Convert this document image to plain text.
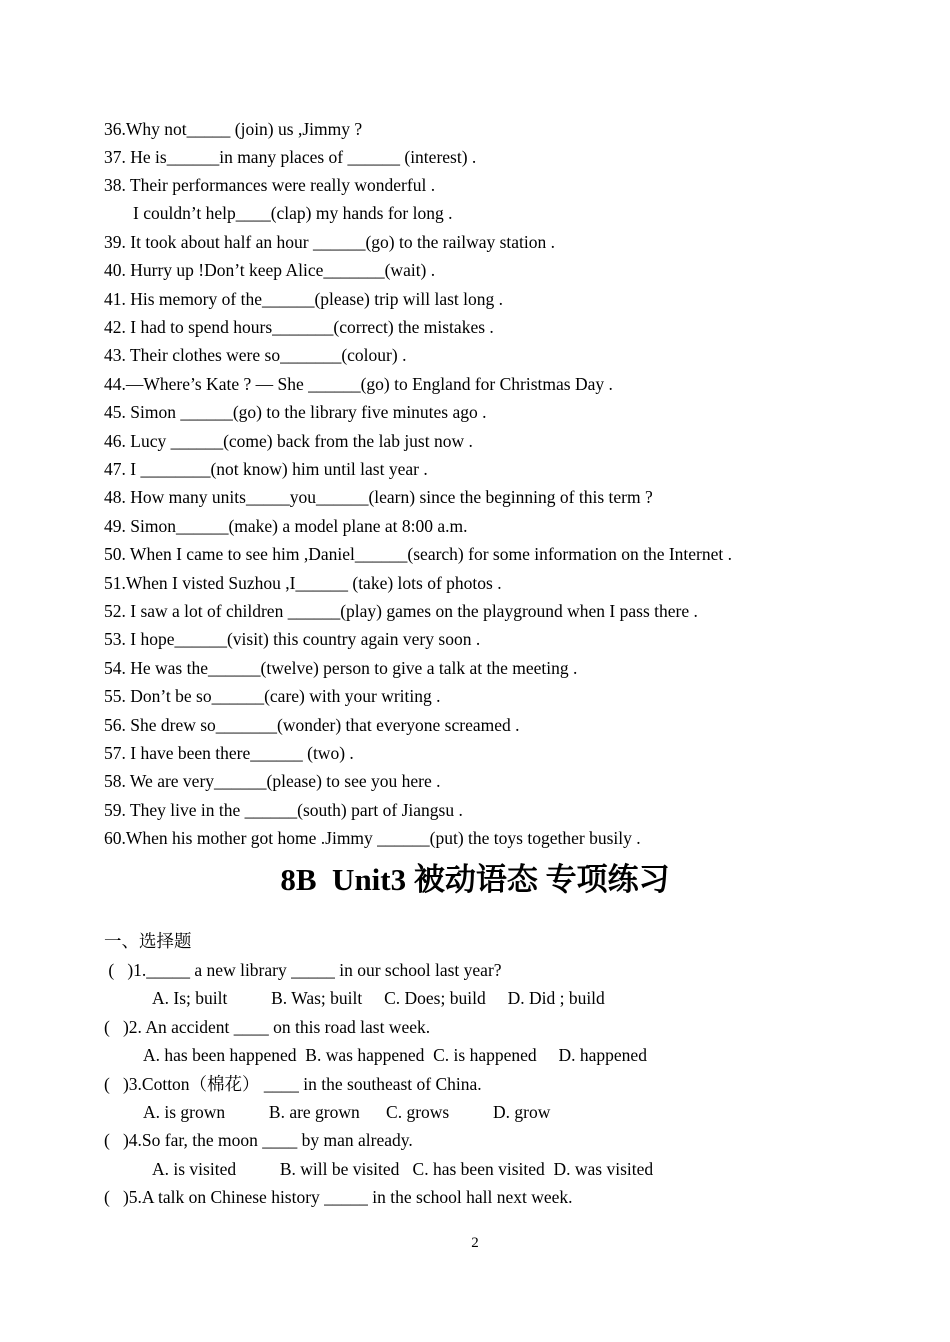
36.Why not_____ (join) us ,Jimmy ?
37. He is______in many places of ______ (interest) .
38. Their performances were really wonderful .
I couldn’t help____(clap) my hands for long .
39. It took about half an hour ______(go) to the railway station .
40. Hurry up !Don’t keep Alice_______(wait) .
41. His memory of the______(please) trip will last long .
42. I had to spend hours_______(correct) the mistakes .
43. Their clothes were so_______(colour) .
44.—Where’s Kate ? — She ______(go) to England for Christmas Day .
45. Simon ______(go) to the library five minutes ago .
46. Lucy ______(come) back from the lab just now .
47. I ________(not know) him until last year .
48. How many units_____you______(learn) since the beginning of this term ?
49. Simon______(make) a model plane at 8:00 a.m.
50. When I came to see him ,Daniel______(search) for some information on the Internet .
51.When I visted Suzhou ,I______ (take) lots of photos .
52. I saw a lot of children ______(play) games on the playground when I pass there .
53. I hope______(visit) this country again very soon .
54. He was the______(twelve) person to give a talk at the meeting .
55. Don’t be so______(care) with your writing .
56. She drew so_______(wonder) that everyone screamed .
57. I have been there______ (two) .
58. We are very______(please) to see you here .
59. They live in the ______(south) part of Jiangsu .
60.When his mother got home .Jimmy ______(put) the toys together busily .
8B  Unit3 被动语态 专项练习
一、选择题
(   )1._____ a new library _____ in our school last year?
A. Is; built          B. Was; built     C. Does; build     D. Did ; build
(   )2. An accident ____ on this road last week.
A. has been happened  B. was happened  C. is happened     D. happened
(   )3.Cotton（棉花） ____ in the southeast of China.
A. is grown          B. are grown      C. grows          D. grow
(   )4.So far, the moon ____ by man already.
A. is visited          B. will be visited   C. has been visited  D. was visited
(   )5.A talk on Chinese history _____ in the school hall next week.
2
